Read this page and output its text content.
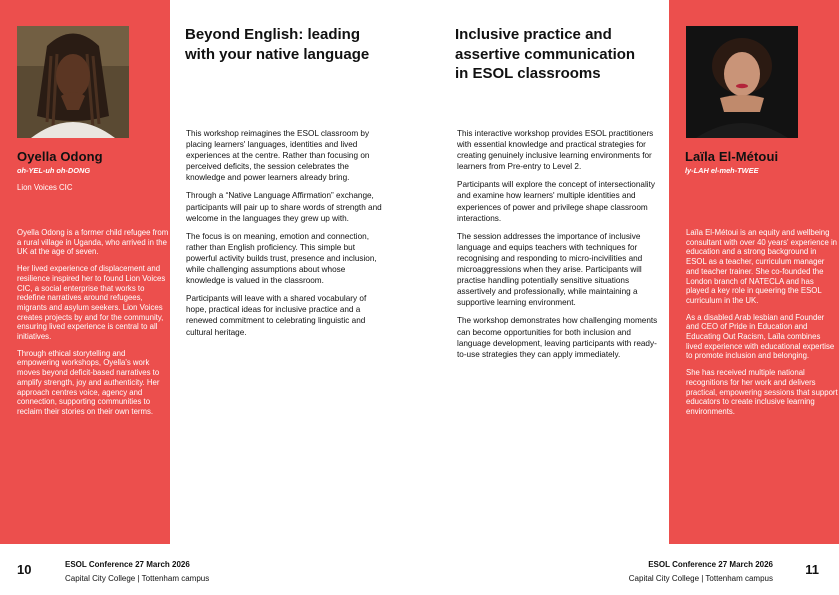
Oyella Odong
oh-YEL-uh oh-DONG
Lion Voices CIC

Oyella Odong is a former child refugee from a rural village in Uganda, who arrived in the UK at the age of seven.

Her lived experience of displacement and resilience inspired her to found Lion Voices CIC, a social enterprise that works to redefine narratives around refugees, migrants and asylum seekers. Lion Voices creates projects by and for the community, ensuring lived experience is central to all initiatives.

Through ethical storytelling and empowering workshops, Oyella's work moves beyond deficit-based narratives to amplify strength, joy and authenticity. Her approach centres voice, agency and connection, supporting communities to reclaim their stories on their own terms.

Beyond English: leading
with your native language

This workshop reimagines the ESOL classroom by placing learners' languages, identities and lived experiences at the centre. Rather than focusing on perceived deficits, the session celebrates the knowledge and power learners already bring.

Through a “Native Language Affirmation” exchange, participants will pair up to share words of strength and welcome in the languages they grew up with.

The focus is on meaning, emotion and connection, rather than English proficiency. This simple but powerful activity builds trust, presence and inclusion, while challenging assumptions about whose knowledge is valued in the classroom.

Participants will leave with a shared vocabulary of hope, practical ideas for inclusive practice and a renewed commitment to celebrating linguistic and cultural heritage.

Inclusive practice and
assertive communication
in ESOL classrooms

This interactive workshop provides ESOL practitioners with essential knowledge and practical strategies for creating genuinely inclusive learning environments for learners from Pre-entry to Level 2.

Participants will explore the concept of intersectionality and examine how learners' multiple identities and experiences of power and privilege shape classroom interactions.

The session addresses the importance of inclusive language and equips teachers with techniques for recognising and responding to micro-incivilities and microaggressions when they arise. Participants will practise handling potentially sensitive situations assertively and professionally, while maintaining a supportive learning environment.

The workshop demonstrates how challenging moments can become opportunities for both inclusion and language development, leaving participants with ready-to-use strategies they can apply immediately.

Laïla El-Métoui
ly-LAH el-meh-TWEE

Laïla El-Métoui is an equity and wellbeing consultant with over 40 years' experience in education and a strong background in ESOL as a teacher, curriculum manager and teacher trainer. She co-founded the London branch of NATECLA and has played a key role in queering the ESOL curriculum in the UK.

As a disabled Arab lesbian and Founder and CEO of Pride in Education and Educating Out Racism, Laïla combines lived experience with educational expertise to promote inclusion and belonging.

She has received multiple national recognitions for her work and delivers practical, empowering sessions that support educators to create inclusive learning environments.

10	ESOL Conference 27 March 2026
Capital City College | Tottenham campus
ESOL Conference 27 March 2026
Capital City College | Tottenham campus
11
